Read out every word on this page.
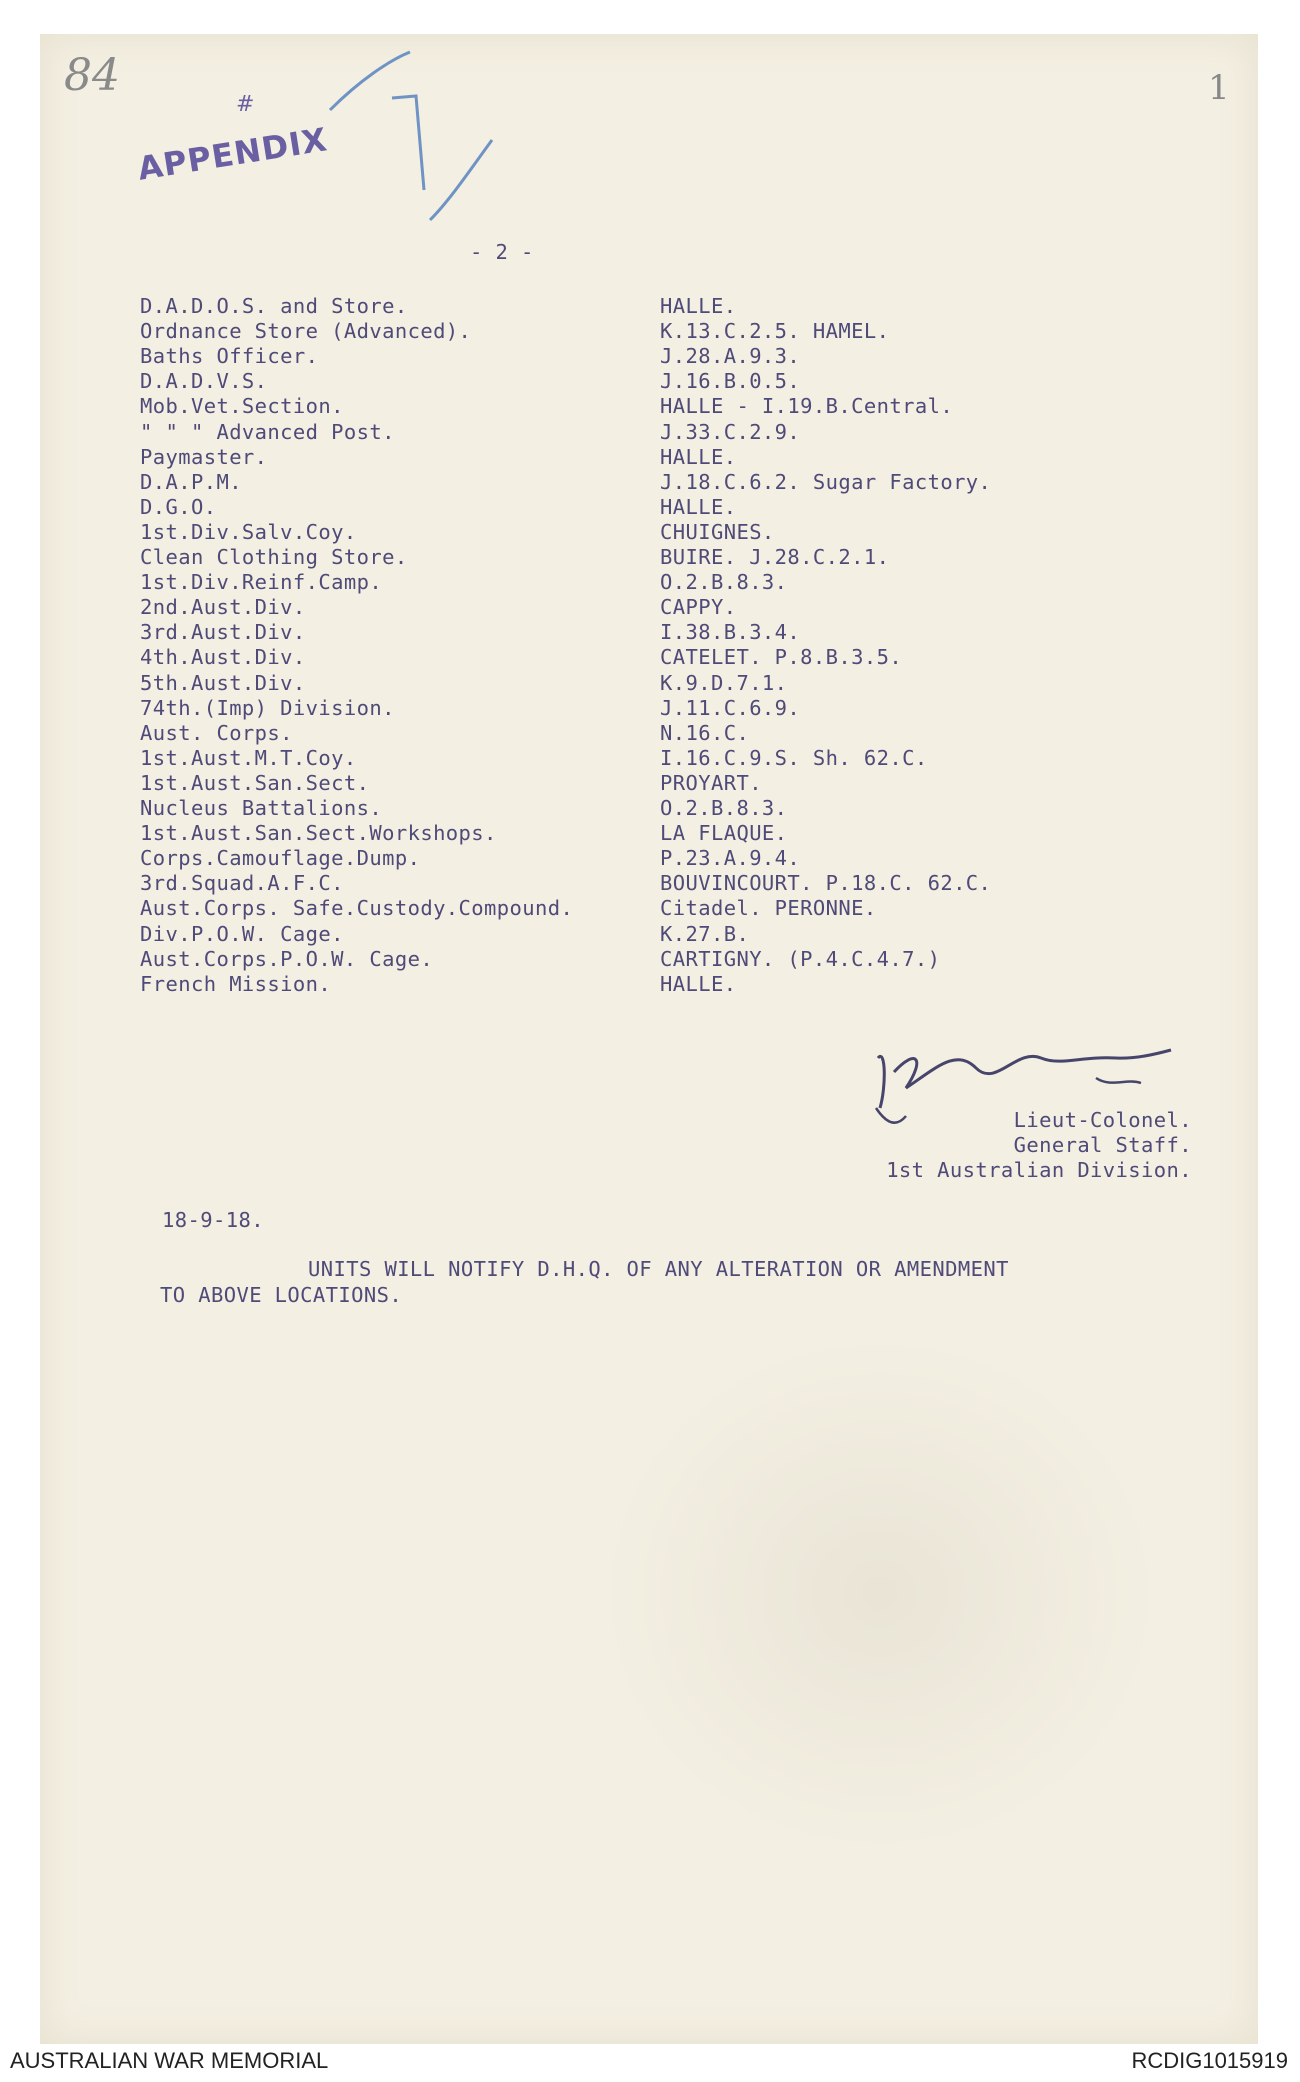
84
#
APPENDIX
1
- 2 -
D.A.D.O.S. and Store.	HALLE.
Ordnance Store (Advanced).	K.13.C.2.5. HAMEL.
Baths Officer.	J.28.A.9.3.
D.A.D.V.S.	J.16.B.0.5.
Mob.Vet.Section.	HALLE - I.19.B.Central.
" " " Advanced Post.	J.33.C.2.9.
Paymaster.	HALLE.
D.A.P.M.	J.18.C.6.2. Sugar Factory.
D.G.O.	HALLE.
1st.Div.Salv.Coy.	CHUIGNES.
Clean Clothing Store.	BUIRE. J.28.C.2.1.
1st.Div.Reinf.Camp.	O.2.B.8.3.
2nd.Aust.Div.	CAPPY.
3rd.Aust.Div.	I.38.B.3.4.
4th.Aust.Div.	CATELET. P.8.B.3.5.
5th.Aust.Div.	K.9.D.7.1.
74th.(Imp) Division.	J.11.C.6.9.
Aust. Corps.	N.16.C.
1st.Aust.M.T.Coy.	I.16.C.9.S. Sh. 62.C.
1st.Aust.San.Sect.	PROYART.
Nucleus Battalions.	O.2.B.8.3.
1st.Aust.San.Sect.Workshops.	LA FLAQUE.
Corps.Camouflage.Dump.	P.23.A.9.4.
3rd.Squad.A.F.C.	BOUVINCOURT. P.18.C. 62.C.
Aust.Corps. Safe.Custody.Compound.	Citadel. PERONNE.
Div.P.O.W. Cage.	K.27.B.
Aust.Corps.P.O.W. Cage.	CARTIGNY. (P.4.C.4.7.)
French Mission.	HALLE.
Lieut-Colonel.
General Staff.
1st Australian Division.
18-9-18.
UNITS WILL NOTIFY D.H.Q. OF ANY ALTERATION OR AMENDMENT
TO ABOVE LOCATIONS.
AUSTRALIAN WAR MEMORIAL	RCDIG1015919
